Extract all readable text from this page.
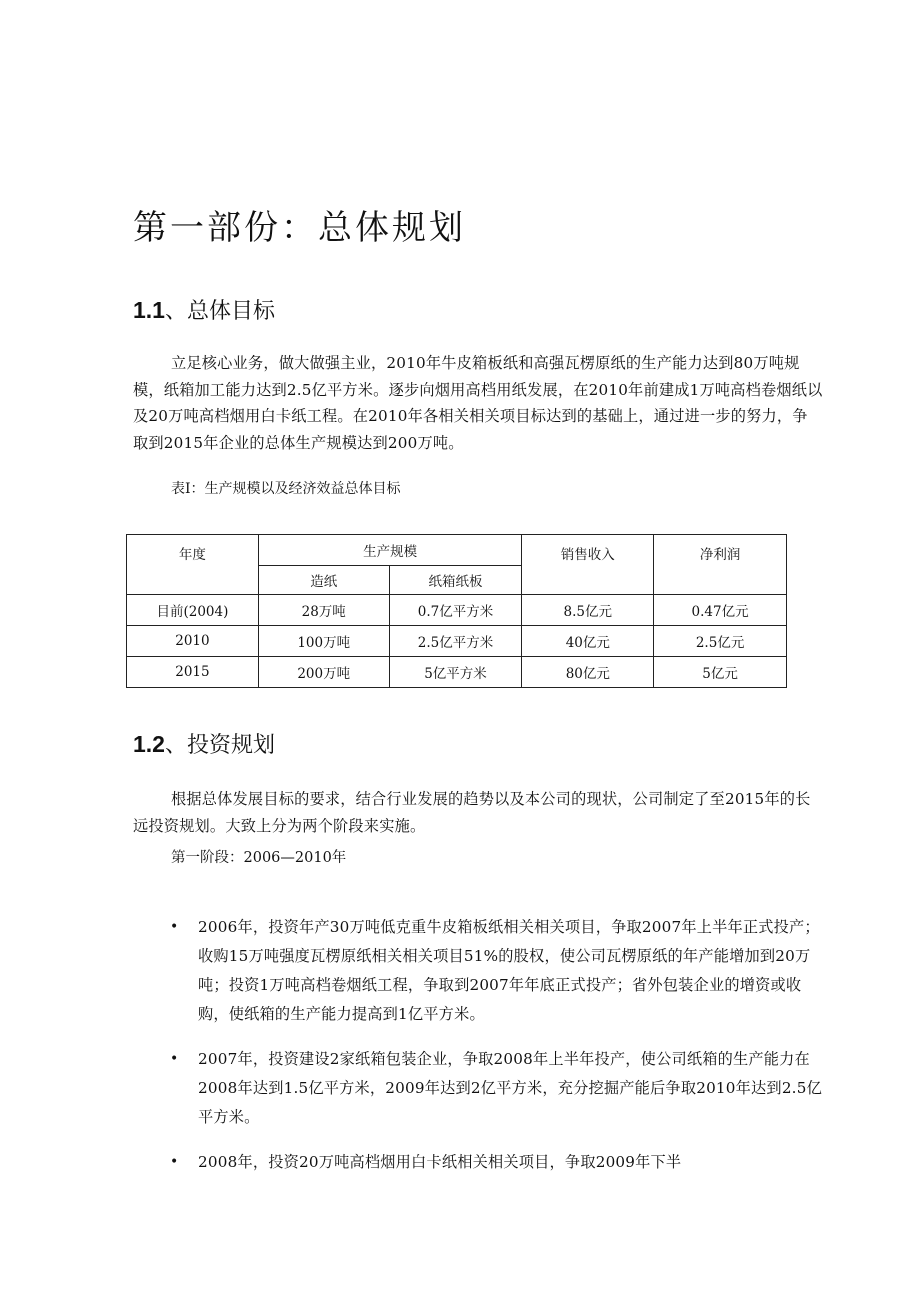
第一部份：总体规划
1.1、总体目标

立足核心业务，做大做强主业，2010年牛皮箱板纸和高强瓦楞原纸的生产能力达到80万吨规模，纸箱加工能力达到2.5亿平方米。逐步向烟用高档用纸发展，在2010年前建成1万吨高档卷烟纸以及20万吨高档烟用白卡纸工程。在2010年各相关相关项目标达到的基础上，通过进一步的努力，争取到2015年企业的总体生产规模达到200万吨。

表I：生产规模以及经济效益总体目标

年度	生产规模		销售收入	净利润
	造纸	纸箱纸板		
目前(2004)	28万吨	0.7亿平方米	8.5亿元	0.47亿元
2010	100万吨	2.5亿平方米	40亿元	2.5亿元
2015	200万吨	5亿平方米	80亿元	5亿元
1.2、投资规划

根据总体发展目标的要求，结合行业发展的趋势以及本公司的现状，公司制定了至2015年的长远投资规划。大致上分为两个阶段来实施。

第一阶段：2006—2010年

• 2006年，投资年产30万吨低克重牛皮箱板纸相关相关项目，争取2007年上半年正式投产；收购15万吨强度瓦楞原纸相关相关项目51%的股权，使公司瓦楞原纸的年产能增加到20万吨；投资1万吨高档卷烟纸工程，争取到2007年年底正式投产；省外包装企业的增资或收购，使纸箱的生产能力提高到1亿平方米。
• 2007年，投资建设2家纸箱包装企业，争取2008年上半年投产，使公司纸箱的生产能力在2008年达到1.5亿平方米，2009年达到2亿平方米，充分挖掘产能后争取2010年达到2.5亿平方米。
• 2008年，投资20万吨高档烟用白卡纸相关相关项目，争取2009年下半
